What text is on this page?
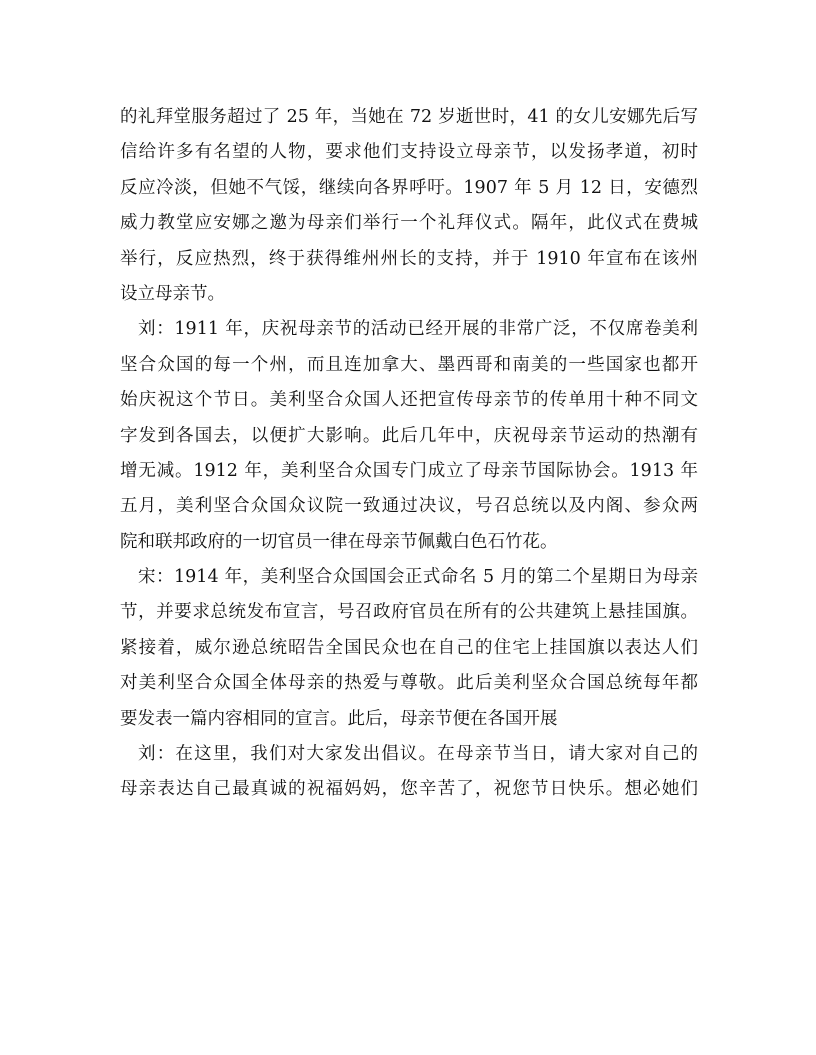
的礼拜堂服务超过了 25 年，当她在 72 岁逝世时，41 的女儿安娜先后写
信给许多有名望的人物，要求他们支持设立母亲节，以发扬孝道，初时
反应冷淡，但她不气馁，继续向各界呼吁。1907 年 5 月 12 日，安德烈
威力教堂应安娜之邀为母亲们举行一个礼拜仪式。隔年，此仪式在费城
举行，反应热烈，终于获得维州州长的支持，并于 1910 年宣布在该州
设立母亲节。
刘：1911 年，庆祝母亲节的活动已经开展的非常广泛，不仅席卷美利
坚合众国的每一个州，而且连加拿大、墨西哥和南美的一些国家也都开
始庆祝这个节日。美利坚合众国人还把宣传母亲节的传单用十种不同文
字发到各国去，以便扩大影响。此后几年中，庆祝母亲节运动的热潮有
增无减。1912 年，美利坚合众国专门成立了母亲节国际协会。1913 年
五月，美利坚合众国众议院一致通过决议，号召总统以及内阁、参众两
院和联邦政府的一切官员一律在母亲节佩戴白色石竹花。
宋：1914 年，美利坚合众国国会正式命名 5 月的第二个星期日为母亲
节，并要求总统发布宣言，号召政府官员在所有的公共建筑上悬挂国旗。
紧接着，威尔逊总统昭告全国民众也在自己的住宅上挂国旗以表达人们
对美利坚合众国全体母亲的热爱与尊敬。此后美利坚众合国总统每年都
要发表一篇内容相同的宣言。此后，母亲节便在各国开展
刘：在这里，我们对大家发出倡议。在母亲节当日，请大家对自己的
母亲表达自己最真诚的祝福妈妈，您辛苦了，祝您节日快乐。想必她们
